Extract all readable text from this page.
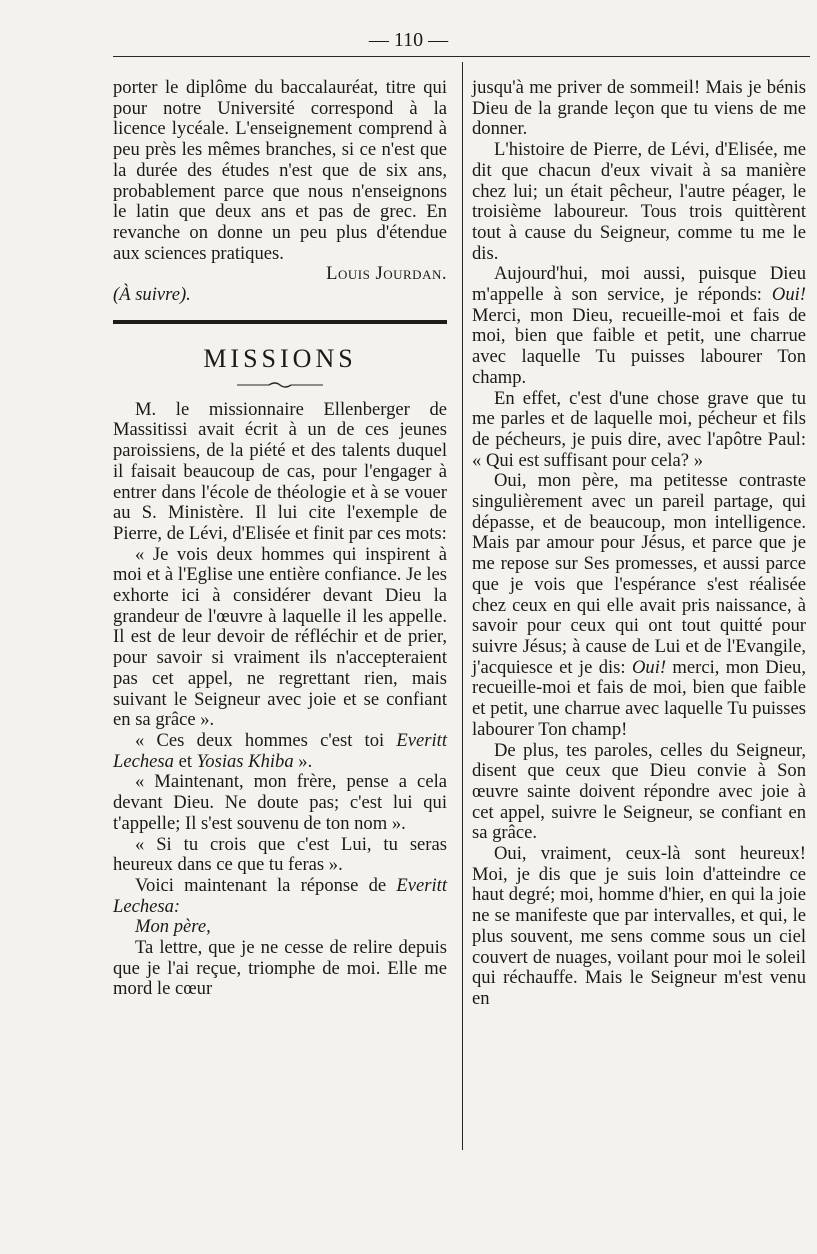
— 110 —

porter le diplôme du baccalauréat, titre qui pour notre Université correspond à la licence lycéale. L'enseignement comprend à peu près les mêmes branches, si ce n'est que la durée des études n'est que de six ans, probablement parce que nous n'enseignons le latin que deux ans et pas de grec. En revanche on donne un peu plus d'étendue aux sciences pratiques.

Louis Jourdan.

(À suivre).

MISSIONS

M. le missionnaire Ellenberger de Massitissi avait écrit à un de ces jeunes paroissiens, de la piété et des talents duquel il faisait beaucoup de cas, pour l'engager à entrer dans l'école de théologie et à se vouer au S. Ministère. Il lui cite l'exemple de Pierre, de Lévi, d'Elisée et finit par ces mots:

« Je vois deux hommes qui inspirent à moi et à l'Eglise une entière confiance. Je les exhorte ici à considérer devant Dieu la grandeur de l'œuvre à laquelle il les appelle. Il est de leur devoir de réfléchir et de prier, pour savoir si vraiment ils n'accepteraient pas cet appel, ne regrettant rien, mais suivant le Seigneur avec joie et se confiant en sa grâce ».

« Ces deux hommes c'est toi Everitt Lechesa et Yosias Khiba ».

« Maintenant, mon frère, pense a cela devant Dieu. Ne doute pas; c'est lui qui t'appelle; Il s'est souvenu de ton nom ».

« Si tu crois que c'est Lui, tu seras heureux dans ce que tu feras ».

Voici maintenant la réponse de Everitt Lechesa:

Mon père,

Ta lettre, que je ne cesse de relire depuis que je l'ai reçue, triomphe de moi. Elle me mord le cœur

jusqu'à me priver de sommeil! Mais je bénis Dieu de la grande leçon que tu viens de me donner.

L'histoire de Pierre, de Lévi, d'Elisée, me dit que chacun d'eux vivait à sa manière chez lui; un était pêcheur, l'autre péager, le troisième laboureur. Tous trois quittèrent tout à cause du Seigneur, comme tu me le dis.

Aujourd'hui, moi aussi, puisque Dieu m'appelle à son service, je réponds: Oui! Merci, mon Dieu, recueille-moi et fais de moi, bien que faible et petit, une charrue avec laquelle Tu puisses labourer Ton champ.

En effet, c'est d'une chose grave que tu me parles et de laquelle moi, pécheur et fils de pécheurs, je puis dire, avec l'apôtre Paul: « Qui est suffisant pour cela? »

Oui, mon père, ma petitesse contraste singulièrement avec un pareil partage, qui dépasse, et de beaucoup, mon intelligence. Mais par amour pour Jésus, et parce que je me repose sur Ses promesses, et aussi parce que je vois que l'espérance s'est réalisée chez ceux en qui elle avait pris naissance, à savoir pour ceux qui ont tout quitté pour suivre Jésus; à cause de Lui et de l'Evangile, j'acquiesce et je dis: Oui! merci, mon Dieu, recueille-moi et fais de moi, bien que faible et petit, une charrue avec laquelle Tu puisses labourer Ton champ!

De plus, tes paroles, celles du Seigneur, disent que ceux que Dieu convie à Son œuvre sainte doivent répondre avec joie à cet appel, suivre le Seigneur, se confiant en sa grâce.

Oui, vraiment, ceux-là sont heureux! Moi, je dis que je suis loin d'atteindre ce haut degré; moi, homme d'hier, en qui la joie ne se manifeste que par intervalles, et qui, le plus souvent, me sens comme sous un ciel couvert de nuages, voilant pour moi le soleil qui réchauffe. Mais le Seigneur m'est venu en
